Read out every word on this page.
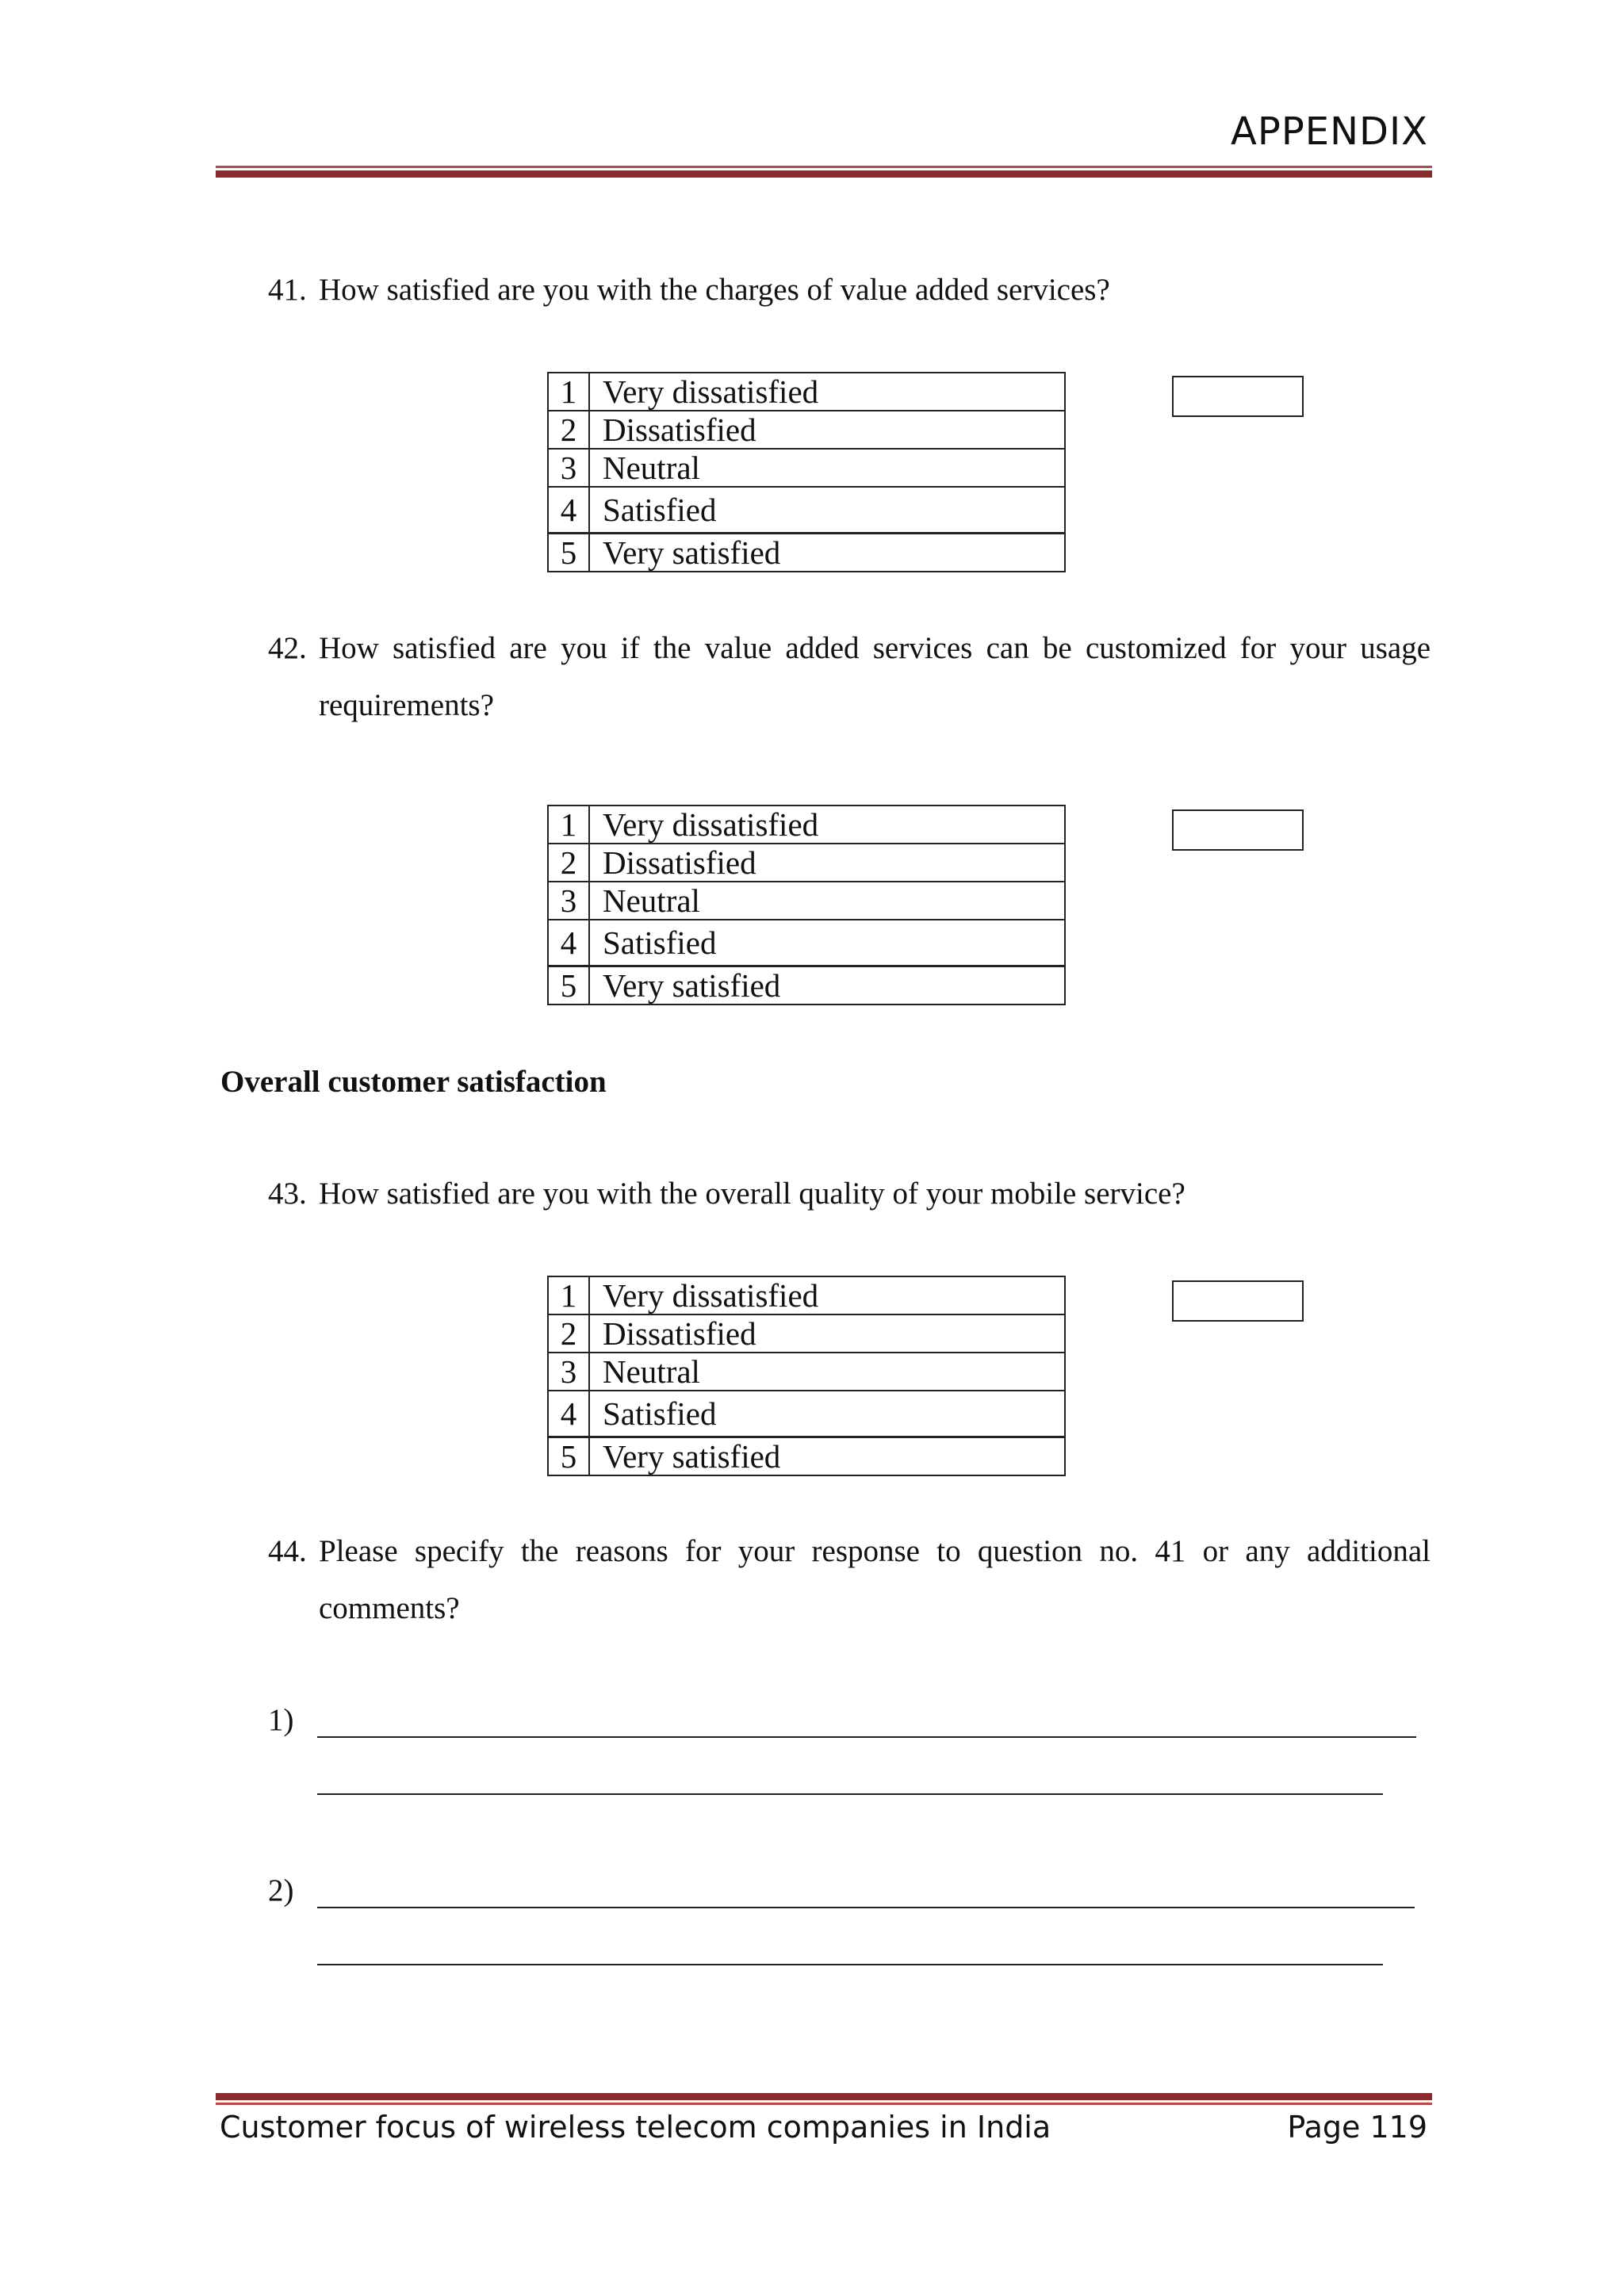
APPENDIX
41. How satisfied are you with the charges of value added services?
1	Very dissatisfied
2	Dissatisfied
3	Neutral
4	Satisfied
5	Very satisfied
42. How satisfied are you if the value added services can be customized for your usage
requirements?
1	Very dissatisfied
2	Dissatisfied
3	Neutral
4	Satisfied
5	Very satisfied
Overall customer satisfaction
43. How satisfied are you with the overall quality of your mobile service?
1	Very dissatisfied
2	Dissatisfied
3	Neutral
4	Satisfied
5	Very satisfied
44. Please specify the reasons for your response to question no. 41 or any additional
comments?
1)
2)
Customer focus of wireless telecom companies in India	Page 119
